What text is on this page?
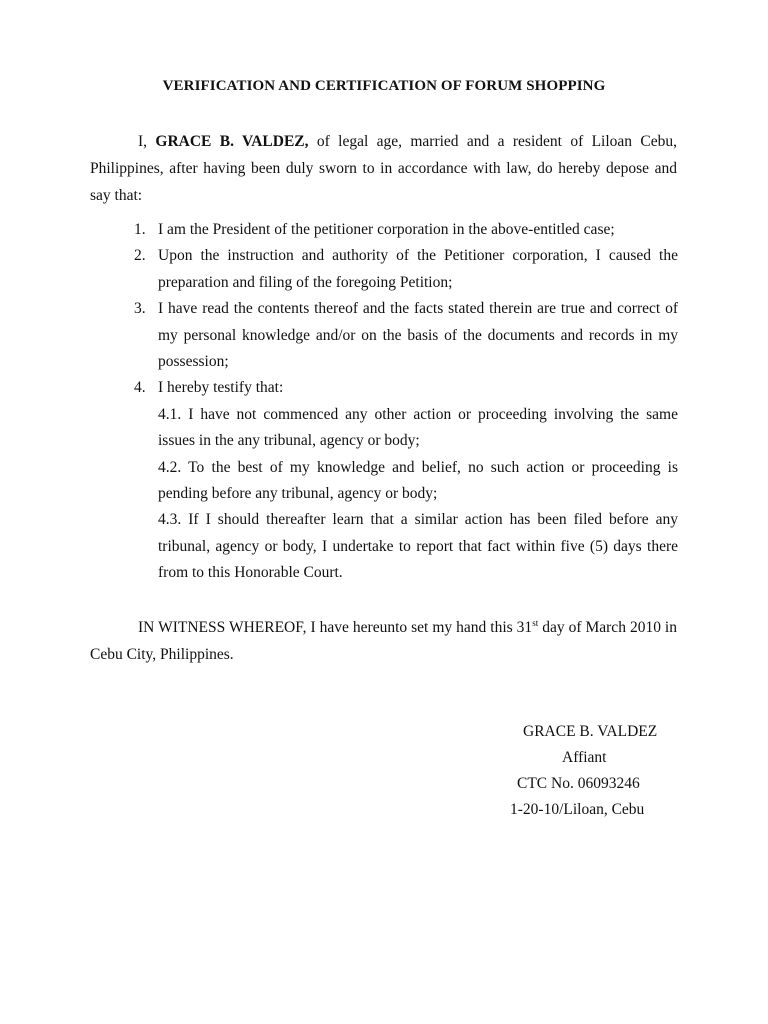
VERIFICATION AND CERTIFICATION OF FORUM SHOPPING
I, GRACE B. VALDEZ, of legal age, married and a resident of Liloan Cebu, Philippines, after having been duly sworn to in accordance with law, do hereby depose and say that:
1. I am the President of the petitioner corporation in the above-entitled case;
2. Upon the instruction and authority of the Petitioner corporation, I caused the preparation and filing of the foregoing Petition;
3. I have read the contents thereof and the facts stated therein are true and correct of my personal knowledge and/or on the basis of the documents and records in my possession;
4. I hereby testify that:
4.1. I have not commenced any other action or proceeding involving the same issues in the any tribunal, agency or body;
4.2. To the best of my knowledge and belief, no such action or proceeding is pending before any tribunal, agency or body;
4.3. If I should thereafter learn that a similar action has been filed before any tribunal, agency or body, I undertake to report that fact within five (5) days there from to this Honorable Court.
IN WITNESS WHEREOF, I have hereunto set my hand this 31st day of March 2010 in Cebu City, Philippines.
GRACE B. VALDEZ
Affiant
CTC No. 06093246
1-20-10/Liloan, Cebu
